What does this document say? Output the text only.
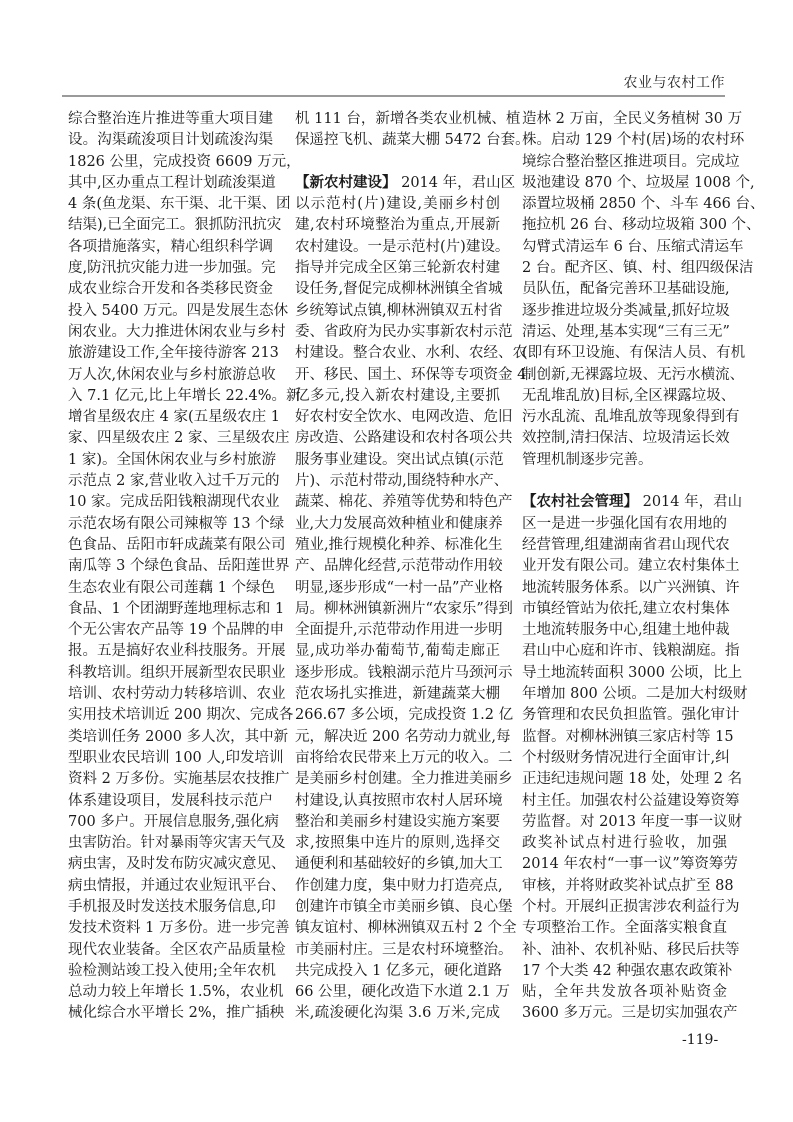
农业与农村工作
综合整治连片推进等重大项目建
设。沟渠疏浚项目计划疏浚沟渠
1826 公里，完成投资 6609 万元，
其中,区办重点工程计划疏浚渠道
4 条(鱼龙渠、东干渠、北干渠、团
结渠),已全面完工。狠抓防汛抗灾
各项措施落实，精心组织科学调
度,防汛抗灾能力进一步加强。完
成农业综合开发和各类移民资金
投入 5400 万元。四是发展生态休
闲农业。大力推进休闲农业与乡村
旅游建设工作,全年接待游客 213
万人次,休闲农业与乡村旅游总收
入 7.1 亿元,比上年增长 22.4%。新
增省星级农庄 4 家(五星级农庄 1
家、四星级农庄 2 家、三星级农庄
1 家)。全国休闲农业与乡村旅游
示范点 2 家,营业收入过千万元的
10 家。完成岳阳钱粮湖现代农业
示范农场有限公司辣椒等 13 个绿
色食品、岳阳市轩成蔬菜有限公司
南瓜等 3 个绿色食品、岳阳莲世界
生态农业有限公司莲藕 1 个绿色
食品、1 个团湖野莲地理标志和 1
个无公害农产品等 19 个品牌的申
报。五是搞好农业科技服务。开展
科教培训。组织开展新型农民职业
培训、农村劳动力转移培训、农业
实用技术培训近 200 期次、完成各
类培训任务 2000 多人次，其中新
型职业农民培训 100 人,印发培训
资料 2 万多份。实施基层农技推广
体系建设项目，发展科技示范户
700 多户。开展信息服务,强化病
虫害防治。针对暴雨等灾害天气及
病虫害，及时发布防灾减灾意见、
病虫情报，并通过农业短讯平台、
手机报及时发送技术服务信息,印
发技术资料 1 万多份。进一步完善
现代农业装备。全区农产品质量检
验检测站竣工投入使用;全年农机
总动力较上年增长 1.5%，农业机
械化综合水平增长 2%，推广插秧
机 111 台，新增各类农业机械、植
保遥控飞机、蔬菜大棚 5472 台套。
【新农村建设】 2014 年，君山区
以示范村(片)建设,美丽乡村创
建,农村环境整治为重点,开展新
农村建设。一是示范村(片)建设。
指导并完成全区第三轮新农村建
设任务,督促完成柳林洲镇全省城
乡统筹试点镇,柳林洲镇双五村省
委、省政府为民办实事新农村示范
村建设。整合农业、水利、农经、农
开、移民、国土、环保等专项资金 4
亿多元,投入新农村建设,主要抓
好农村安全饮水、电网改造、危旧
房改造、公路建设和农村各项公共
服务事业建设。突出试点镇(示范
片)、示范村带动,围绕特种水产、
蔬菜、棉花、养殖等优势和特色产
业,大力发展高效种植业和健康养
殖业,推行规模化种养、标准化生
产、品牌化经营,示范带动作用较
明显,逐步形成“一村一品”产业格
局。柳林洲镇新洲片“农家乐”得到
全面提升,示范带动作用进一步明
显,成功举办葡萄节,葡萄走廊正
逐步形成。钱粮湖示范片马颈河示
范农场扎实推进，新建蔬菜大棚
266.67 多公顷，完成投资 1.2 亿
元，解决近 200 名劳动力就业,每
亩将给农民带来上万元的收入。二
是美丽乡村创建。全力推进美丽乡
村建设,认真按照市农村人居环境
整治和美丽乡村建设实施方案要
求,按照集中连片的原则,选择交
通便利和基础较好的乡镇,加大工
作创建力度，集中财力打造亮点,
创建许市镇全市美丽乡镇、良心堡
镇友谊村、柳林洲镇双五村 2 个全
市美丽村庄。三是农村环境整治。
共完成投入 1 亿多元，硬化道路
66 公里，硬化改造下水道 2.1 万
米,疏浚硬化沟渠 3.6 万米,完成
造林 2 万亩，全民义务植树 30 万
株。启动 129 个村(居)场的农村环
境综合整治整区推进项目。完成垃
圾池建设 870 个、垃圾屋 1008 个,
添置垃圾桶 2850 个、斗车 466 台、
拖拉机 26 台、移动垃圾箱 300 个、
勾臂式清运车 6 台、压缩式清运车
2 台。配齐区、镇、村、组四级保洁
员队伍，配备完善环卫基础设施,
逐步推进垃圾分类减量,抓好垃圾
清运、处理,基本实现“三有三无”
(即有环卫设施、有保洁人员、有机
制创新,无裸露垃圾、无污水横流、
无乱堆乱放)目标,全区裸露垃圾、
污水乱流、乱堆乱放等现象得到有
效控制,清扫保洁、垃圾清运长效
管理机制逐步完善。
【农村社会管理】 2014 年，君山
区一是进一步强化国有农用地的
经营管理,组建湖南省君山现代农
业开发有限公司。建立农村集体土
地流转服务体系。以广兴洲镇、许
市镇经管站为依托,建立农村集体
土地流转服务中心,组建土地仲裁
君山中心庭和许市、钱粮湖庭。指
导土地流转面积 3000 公顷，比上
年增加 800 公顷。二是加大村级财
务管理和农民负担监管。强化审计
监督。对柳林洲镇三家店村等 15
个村级财务情况进行全面审计,纠
正违纪违规问题 18 处，处理 2 名
村主任。加强农村公益建设筹资筹
劳监督。对 2013 年度一事一议财
政奖补试点村进行验收，加强
2014 年农村“一事一议”筹资筹劳
审核，并将财政奖补试点扩至 88
个村。开展纠正损害涉农利益行为
专项整治工作。全面落实粮食直
补、油补、农机补贴、移民后扶等
17 个大类 42 种强农惠农政策补
贴，全年共发放各项补贴资金
3600 多万元。三是切实加强农产
-119-
